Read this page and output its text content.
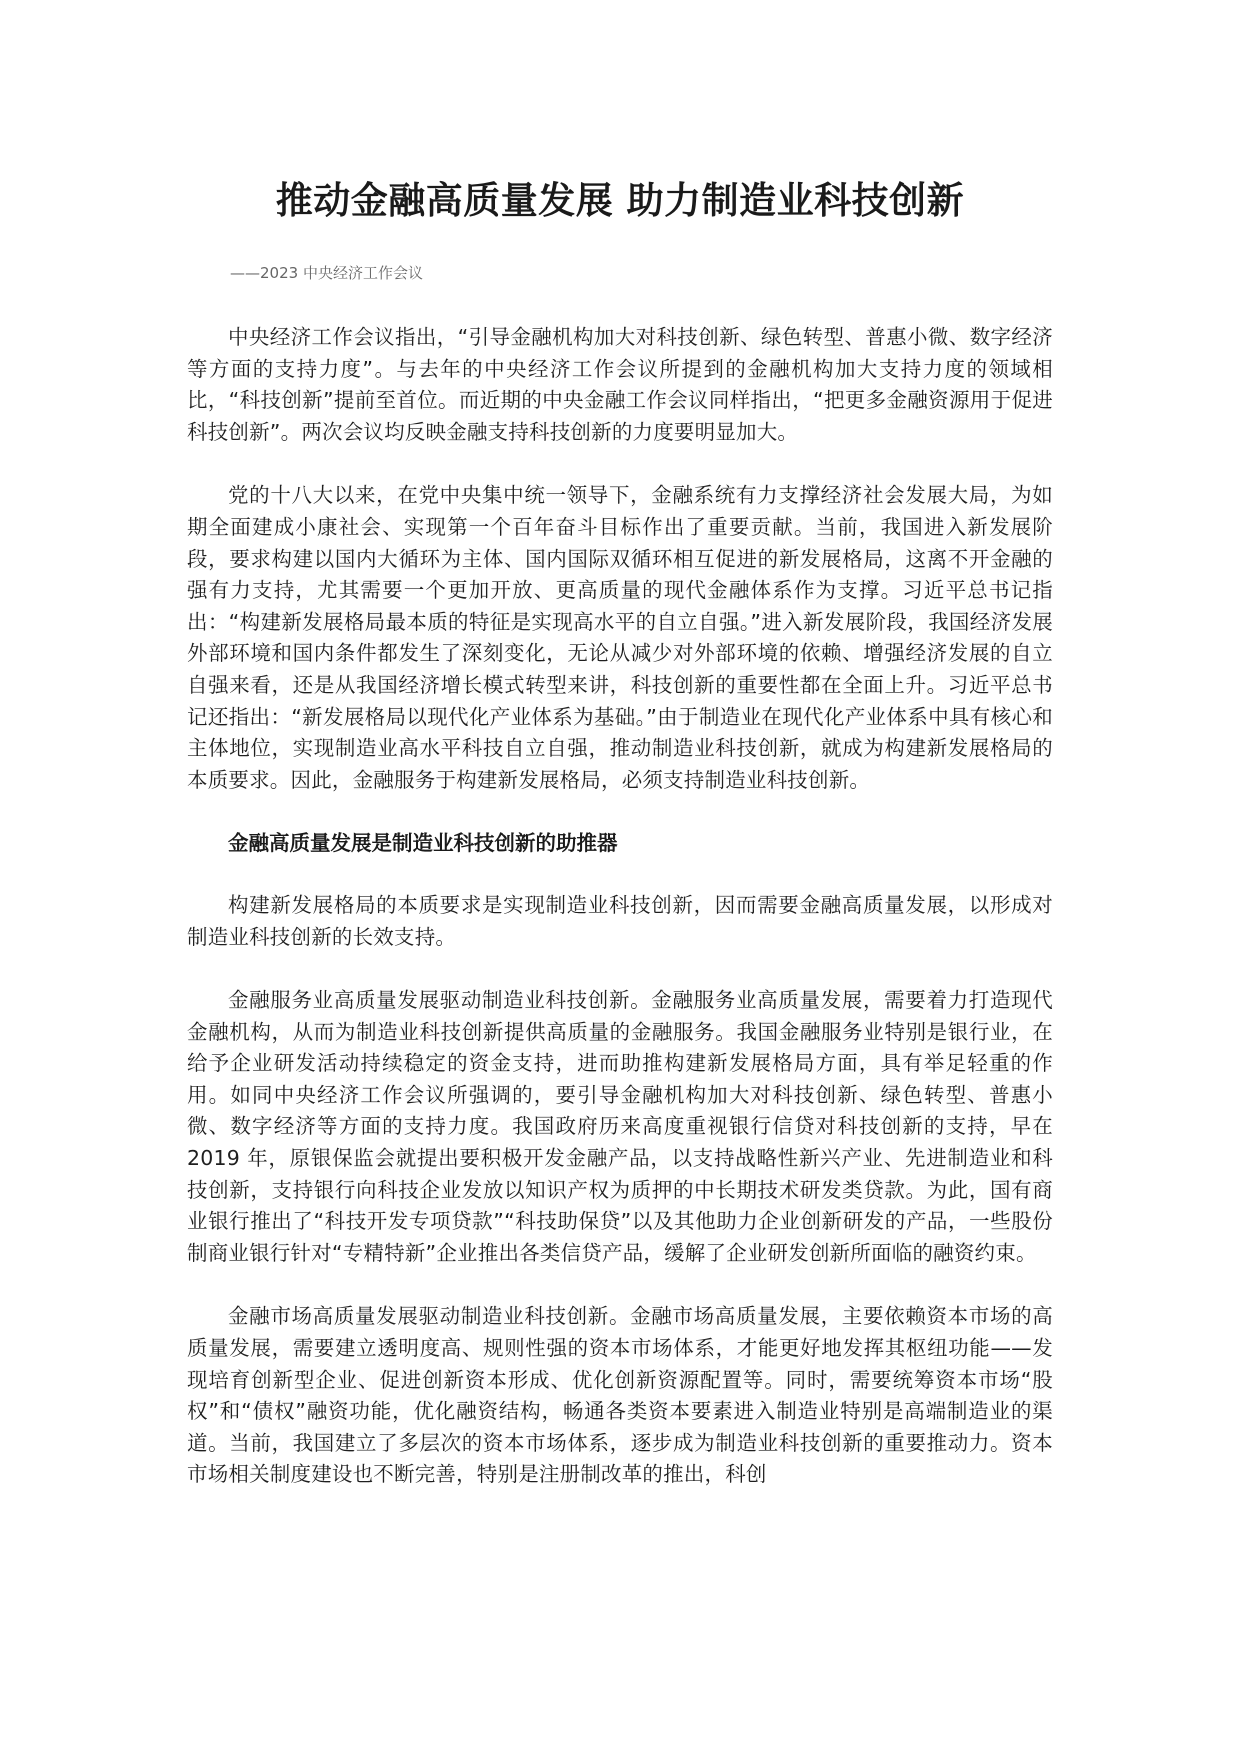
推动金融高质量发展 助力制造业科技创新
——2023 中央经济工作会议

中央经济工作会议指出，“引导金融机构加大对科技创新、绿色转型、普惠小微、数字经济等方面的支持力度”。与去年的中央经济工作会议所提到的金融机构加大支持力度的领域相比，“科技创新”提前至首位。而近期的中央金融工作会议同样指出，“把更多金融资源用于促进科技创新”。两次会议均反映金融支持科技创新的力度要明显加大。

党的十八大以来，在党中央集中统一领导下，金融系统有力支撑经济社会发展大局，为如期全面建成小康社会、实现第一个百年奋斗目标作出了重要贡献。当前，我国进入新发展阶段，要求构建以国内大循环为主体、国内国际双循环相互促进的新发展格局，这离不开金融的强有力支持，尤其需要一个更加开放、更高质量的现代金融体系作为支撑。习近平总书记指出：“构建新发展格局最本质的特征是实现高水平的自立自强。”进入新发展阶段，我国经济发展外部环境和国内条件都发生了深刻变化，无论从减少对外部环境的依赖、增强经济发展的自立自强来看，还是从我国经济增长模式转型来讲，科技创新的重要性都在全面上升。习近平总书记还指出：“新发展格局以现代化产业体系为基础。”由于制造业在现代化产业体系中具有核心和主体地位，实现制造业高水平科技自立自强，推动制造业科技创新，就成为构建新发展格局的本质要求。因此，金融服务于构建新发展格局，必须支持制造业科技创新。

金融高质量发展是制造业科技创新的助推器

构建新发展格局的本质要求是实现制造业科技创新，因而需要金融高质量发展，以形成对制造业科技创新的长效支持。

金融服务业高质量发展驱动制造业科技创新。金融服务业高质量发展，需要着力打造现代金融机构，从而为制造业科技创新提供高质量的金融服务。我国金融服务业特别是银行业，在给予企业研发活动持续稳定的资金支持，进而助推构建新发展格局方面，具有举足轻重的作用。如同中央经济工作会议所强调的，要引导金融机构加大对科技创新、绿色转型、普惠小微、数字经济等方面的支持力度。我国政府历来高度重视银行信贷对科技创新的支持，早在 2019 年，原银保监会就提出要积极开发金融产品，以支持战略性新兴产业、先进制造业和科技创新，支持银行向科技企业发放以知识产权为质押的中长期技术研发类贷款。为此，国有商业银行推出了“科技开发专项贷款”“科技助保贷”以及其他助力企业创新研发的产品，一些股份制商业银行针对“专精特新”企业推出各类信贷产品，缓解了企业研发创新所面临的融资约束。

金融市场高质量发展驱动制造业科技创新。金融市场高质量发展，主要依赖资本市场的高质量发展，需要建立透明度高、规则性强的资本市场体系，才能更好地发挥其枢纽功能——发现培育创新型企业、促进创新资本形成、优化创新资源配置等。同时，需要统筹资本市场“股权”和“债权”融资功能，优化融资结构，畅通各类资本要素进入制造业特别是高端制造业的渠道。当前，我国建立了多层次的资本市场体系，逐步成为制造业科技创新的重要推动力。资本市场相关制度建设也不断完善，特别是注册制改革的推出，科创
